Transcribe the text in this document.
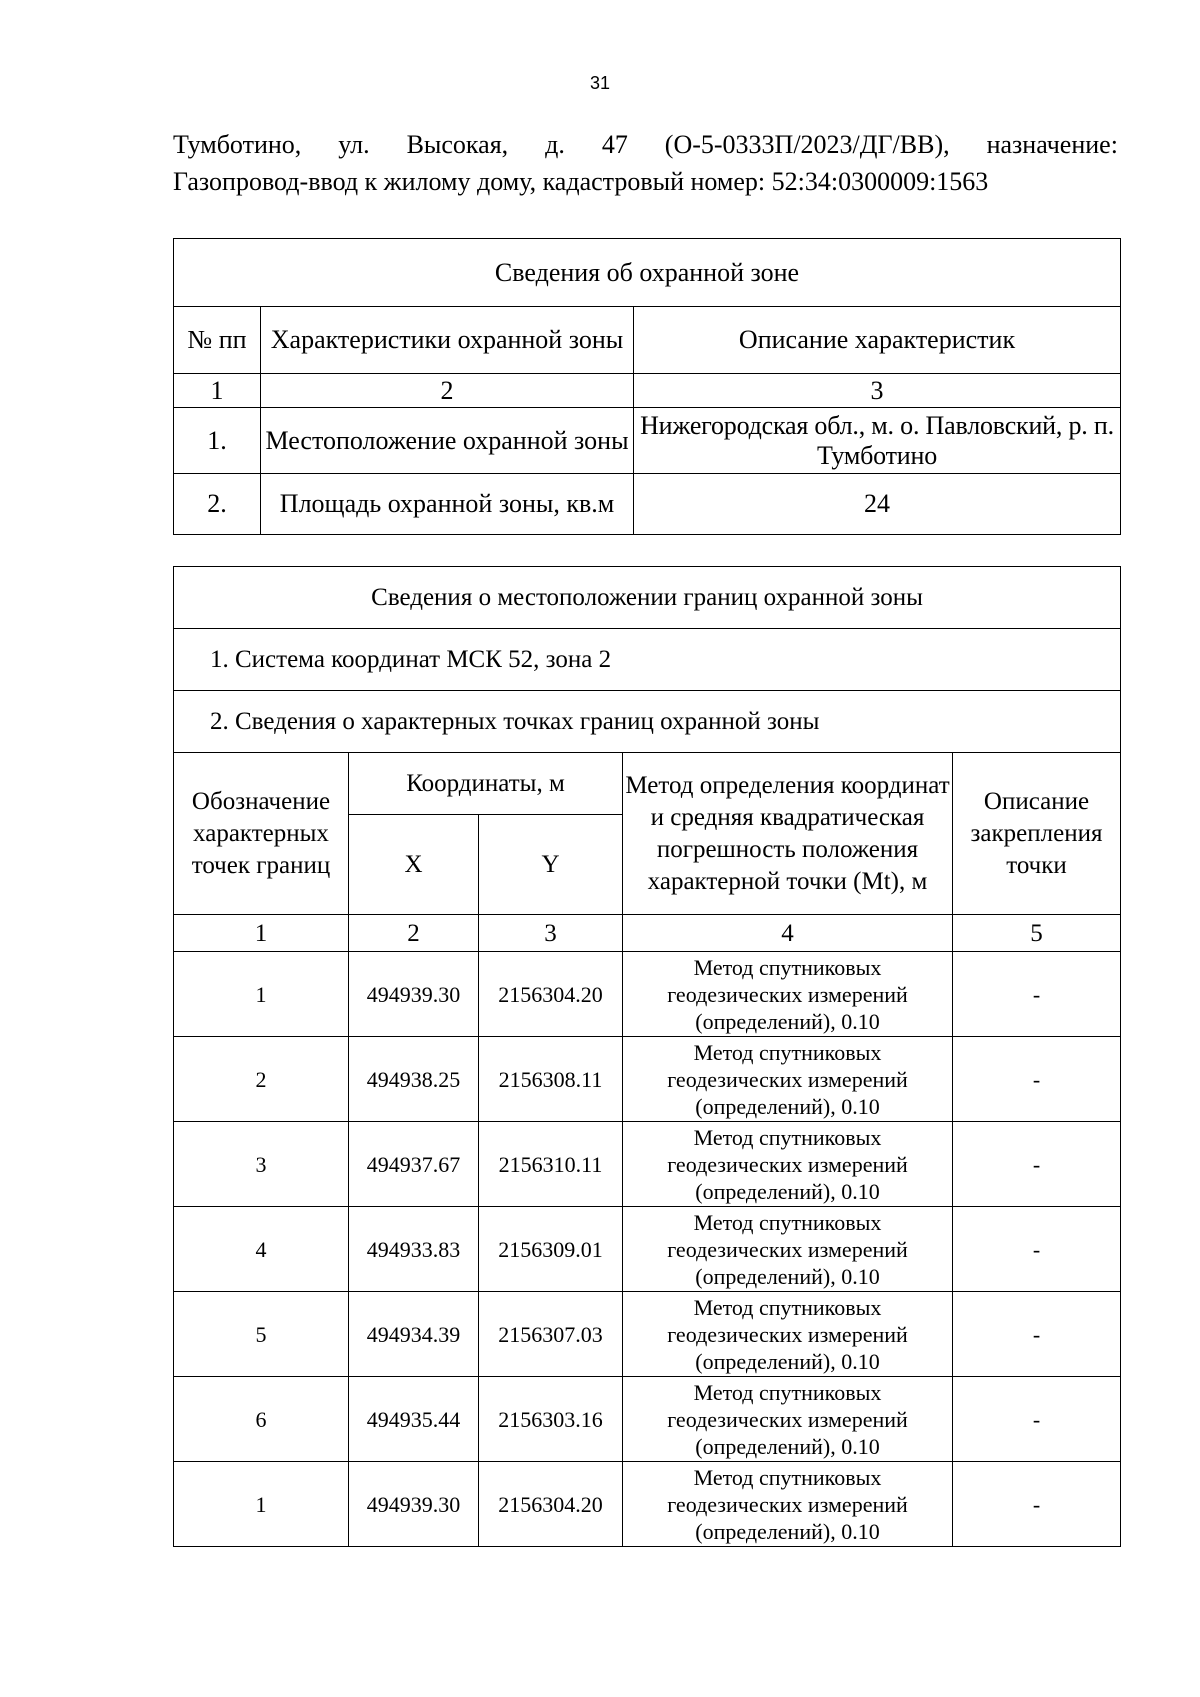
31
Тумботино, ул. Высокая, д. 47 (О-5-0333П/2023/ДГ/ВВ), назначение:
Газопровод-ввод к жилому дому, кадастровый номер: 52:34:0300009:1563
Сведения об охранной зоне		
№ пп	Характеристики охранной зоны	Описание характеристик
1	2	3
1.	Местоположение охранной зоны	Нижегородская обл., м. о. Павловский, р. п. Тумботино
2.	Площадь охранной зоны, кв.м	24
Сведения о местоположении границ охранной зоны				
1. Система координат МСК 52, зона 2				
2. Сведения о характерных точках границ охранной зоны				
Обозначение характерных точек границ	Координаты, м		Метод определения координат и средняя квадратическая погрешность положения характерной точки (Mt), м	Описание закрепления точки
	X	Y		
1	2	3	4	5
1	494939.30	2156304.20	Метод спутниковых геодезических измерений (определений), 0.10	-
2	494938.25	2156308.11	Метод спутниковых геодезических измерений (определений), 0.10	-
3	494937.67	2156310.11	Метод спутниковых геодезических измерений (определений), 0.10	-
4	494933.83	2156309.01	Метод спутниковых геодезических измерений (определений), 0.10	-
5	494934.39	2156307.03	Метод спутниковых геодезических измерений (определений), 0.10	-
6	494935.44	2156303.16	Метод спутниковых геодезических измерений (определений), 0.10	-
1	494939.30	2156304.20	Метод спутниковых геодезических измерений (определений), 0.10	-
